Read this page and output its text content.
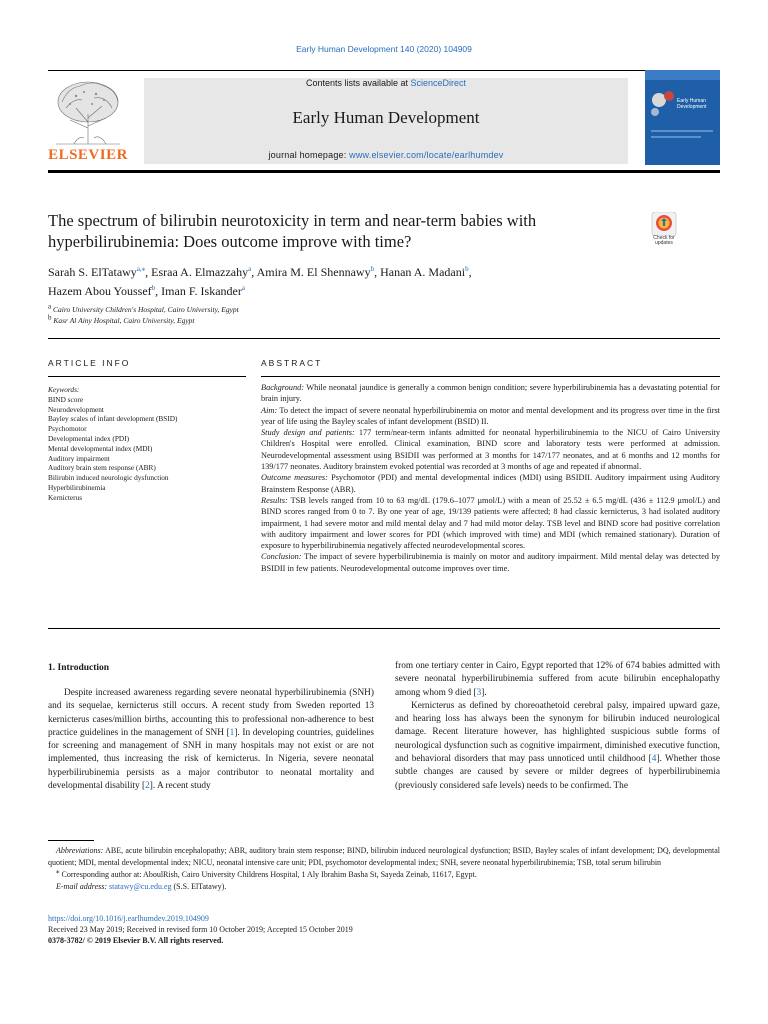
Early Human Development 140 (2020) 104909
ELSEVIER
Contents lists available at ScienceDirect
Early Human Development
journal homepage: www.elsevier.com/locate/earlhumdev
Early Human Development
The spectrum of bilirubin neurotoxicity in term and near-term babies with hyperbilirubinemia: Does outcome improve with time?	Check for updates
Sarah S. ElTatawy$^{a,⁎}$, Esraa A. Elmazzahy$^a$, Amira M. El Shennawy$^b$, Hanan A. Madani$^b$,
Hazem Abou Youssef$^b$, Iman F. Iskander$^a$
$^a$ Cairo University Children's Hospital, Cairo University, Egypt
$^b$ Kasr Al Ainy Hospital, Cairo University, Egypt
ARTICLE INFO	ABSTRACT
Keywords:
BIND score
Neurodevelopment
Bayley scales of infant development (BSID)
Psychomotor
Developmental index (PDI)
Mental developmental index (MDI)
Auditory impairment
Auditory brain stem response (ABR)
Bilirubin induced neurologic dysfunction
Hyperbilirubinemia
Kernicterus

Background: While neonatal jaundice is generally a common benign condition; severe hyperbilirubinemia has a devastating potential for brain injury.

Aim: To detect the impact of severe neonatal hyperbilirubinemia on motor and mental development and its progress over time in the first year of life using the Bayley scales of infant development (BSID) II.

Study design and patients: 177 term/near-term infants admitted for neonatal hyperbilirubinemia to the NICU of Cairo University Children's Hospital were enrolled. Clinical examination, BIND score and laboratory tests were performed at admission. Neurodevelopmental assessment using BSIDII was performed at 3 months for 147/177 neonates, and at 6 months and 12 months for 139/177 neonates. Auditory brainstem evoked potential was recorded at 3 months of age and repeated if abnormal.

Outcome measures: Psychomotor (PDI) and mental developmental indices (MDI) using BSIDII. Auditory impairment using Auditory Brainstem Response (ABR).

Results: TSB levels ranged from 10 to 63 mg/dL (179.6–1077 μmol/L) with a mean of 25.52 ± 6.5 mg/dL (436 ± 112.9 μmol/L) and BIND scores ranged from 0 to 7. By one year of age, 19/139 patients were affected; 8 had classic kernicterus, 3 had isolated auditory impairment, 1 had severe motor and mild mental delay and 7 had mild motor delay. TSB level and BIND score had positive correlation with auditory impairment and lower scores for PDI (which improved with time) and MDI (which remained stationary). Duration of exposure to hyperbilirubinemia negatively affected neurodevelopmental scores.

Conclusion: The impact of severe hyperbilirubinemia is mainly on motor and auditory impairment. Mild mental delay was detected by BSIDII in few patients. Neurodevelopmental outcome improves over time.

1. Introduction
Despite increased awareness regarding severe neonatal hyperbilirubinemia (SNH) and its sequelae, kernicterus still occurs. A recent study from Sweden reported 13 kernicterus cases/million births, accounting this to professional non-adherence to best practice guidelines in the management of SNH [1]. In developing countries, guidelines for screening and management of SNH in many hospitals may not exist or are not implemented, thus increasing the risk of kernicterus. In Nigeria, severe neonatal hyperbilirubinemia persists as a major contributor to neonatal mortality and developmental disability [2]. A recent study

from one tertiary center in Cairo, Egypt reported that 12% of 674 babies admitted with severe neonatal hyperbilirubinemia suffered from acute bilirubin encephalopathy among whom 9 died [3].

Kernicterus as defined by choreoathetoid cerebral palsy, impaired upward gaze, and hearing loss has always been the synonym for bilirubin induced neurological damage. Recent literature however, has highlighted suspicious subtle forms of neurological dysfunction such as cognitive impairment, diminished executive function, and behavioral disorders that may pass unnoticed until childhood [4]. Whether those subtle changes are caused by severe or milder degrees of hyperbilirubinemia (previously considered safe levels) needs to be confirmed. The

Abbreviations: ABE, acute bilirubin encephalopathy; ABR, auditory brain stem response; BIND, bilirubin induced neurological dysfunction; BSID, Bayley scales of infant development; DQ, developmental quotient; MDI, mental developmental index; NICU, neonatal intensive care unit; PDI, psychomotor developmental index; SNH, severe neonatal hyperbilirubinemia; TSB, total serum bilirubin

⁎ Corresponding author at: AboulRish, Cairo University Childrens Hospital, 1 Aly Ibrahim Basha St, Sayeda Zeinab, 11617, Egypt.

E-mail address: statawy@cu.edu.eg (S.S. ElTatawy).

https://doi.org/10.1016/j.earlhumdev.2019.104909
Received 23 May 2019; Received in revised form 10 October 2019; Accepted 15 October 2019
0378-3782/ © 2019 Elsevier B.V. All rights reserved.
